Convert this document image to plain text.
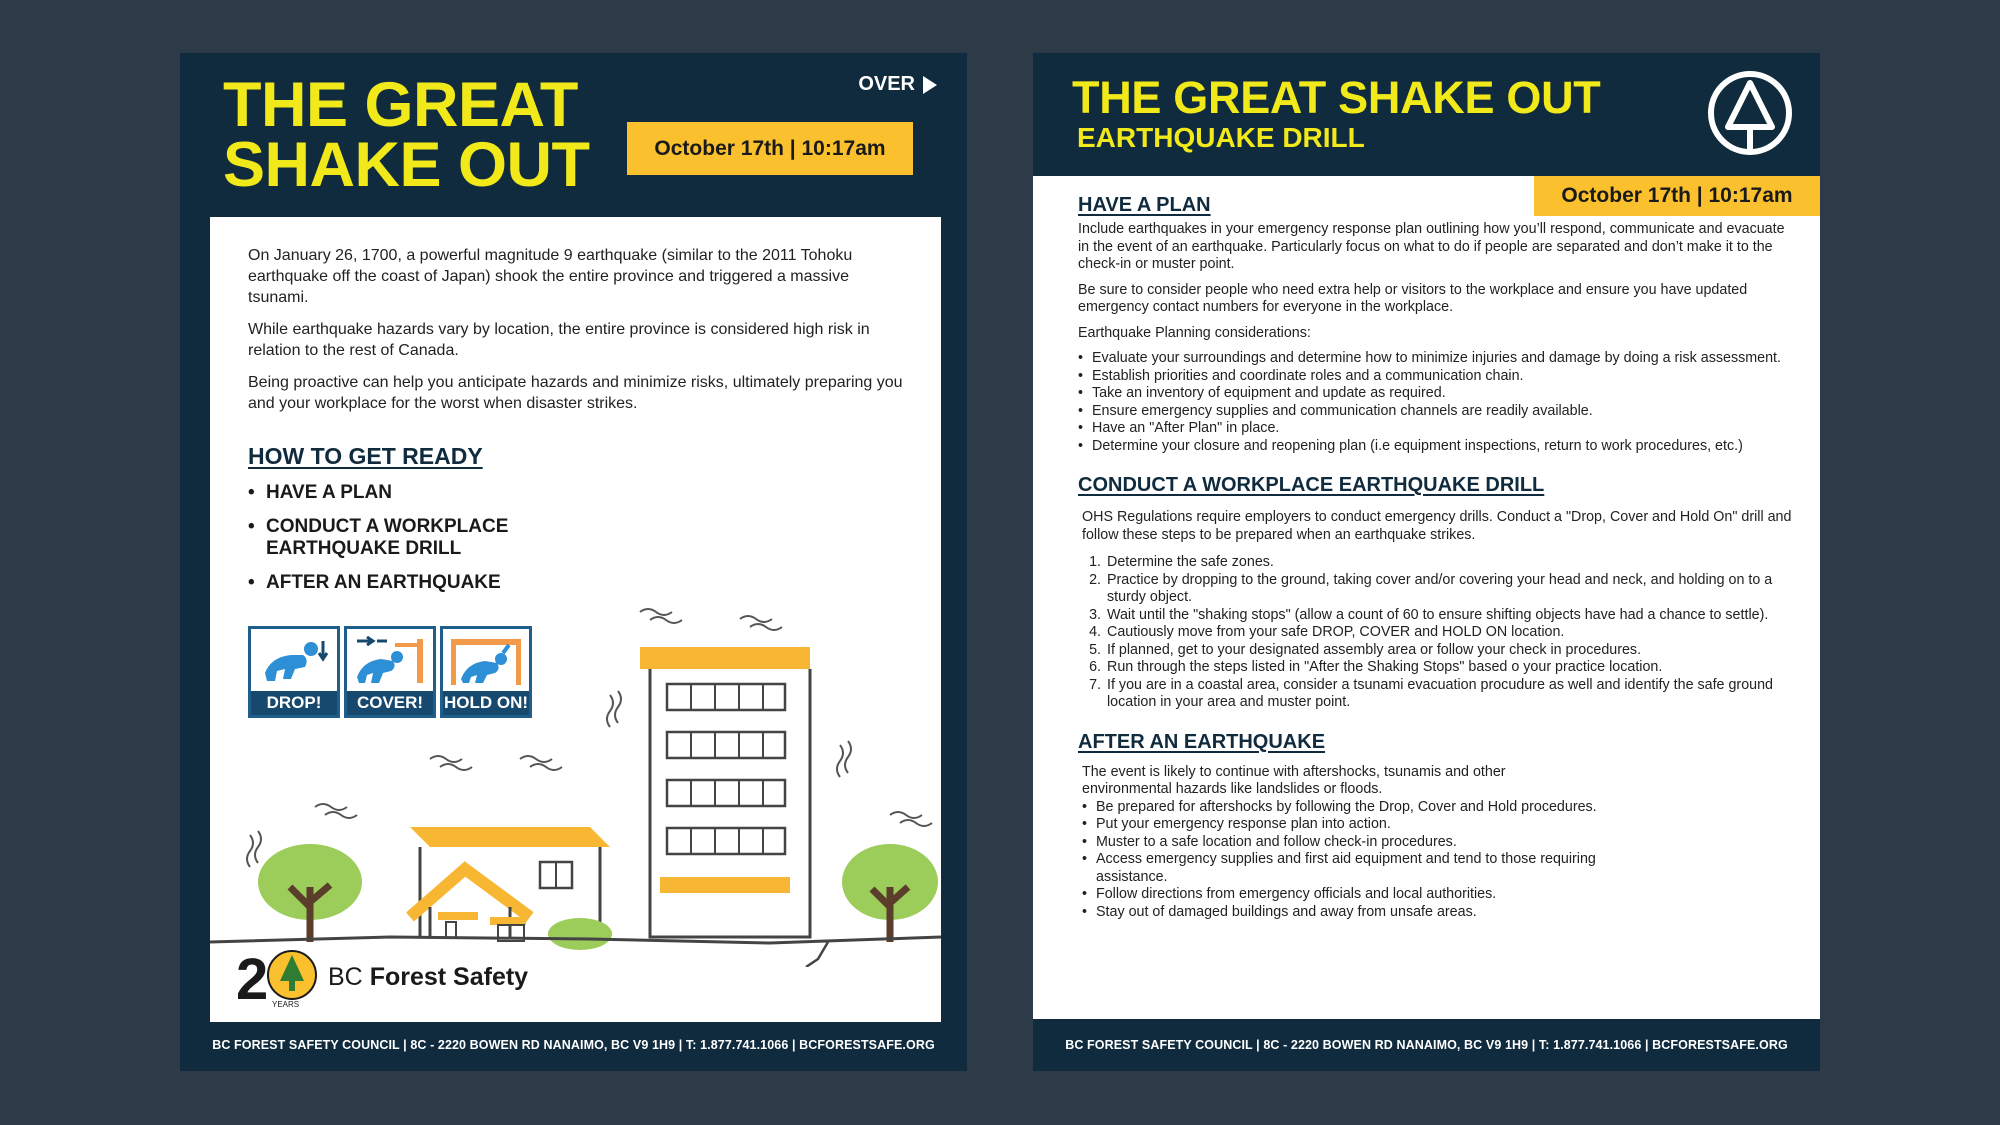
THE GREAT
SHAKE OUT
OVER
October 17th | 10:17am

On January 26, 1700, a powerful magnitude 9 earthquake (similar to the 2011 Tohoku earthquake off the coast of Japan) shook the entire province and triggered a massive tsunami.

While earthquake hazards vary by location, the entire province is considered high risk in relation to the rest of Canada.

Being proactive can help you anticipate hazards and minimize risks, ultimately preparing you and your workplace for the worst when disaster strikes.

HOW TO GET READY
• HAVE A PLAN
• CONDUCT A WORKPLACE EARTHQUAKE DRILL
• AFTER AN EARTHQUAKE
DROP!	COVER!	HOLD ON!
2 YEARS
BC Forest Safety
BC FOREST SAFETY COUNCIL | 8C - 2220 BOWEN RD NANAIMO, BC V9 1H9 | T: 1.877.741.1066 | BCFORESTSAFE.ORG
THE GREAT SHAKE OUT
EARTHQUAKE DRILL
October 17th | 10:17am
HAVE A PLAN

Include earthquakes in your emergency response plan outlining how you’ll respond, communicate and evacuate in the event of an earthquake. Particularly focus on what to do if people are separated and don’t make it to the check-in or muster point.

Be sure to consider people who need extra help or visitors to the workplace and ensure you have updated emergency contact numbers for everyone in the workplace.

Earthquake Planning considerations:

• Evaluate your surroundings and determine how to minimize injuries and damage by doing a risk assessment.
• Establish priorities and coordinate roles and a communication chain.
• Take an inventory of equipment and update as required.
• Ensure emergency supplies and communication channels are readily available.
• Have an "After Plan" in place.
• Determine your closure and reopening plan (i.e equipment inspections, return to work procedures, etc.)
CONDUCT A WORKPLACE EARTHQUAKE DRILL

OHS Regulations require employers to conduct emergency drills. Conduct a "Drop, Cover and Hold On" drill and follow these steps to be prepared when an earthquake strikes.

1. Determine the safe zones.
2. Practice by dropping to the ground, taking cover and/or covering your head and neck, and holding on to a sturdy object.
3. Wait until the "shaking stops" (allow a count of 60 to ensure shifting objects have had a chance to settle).
4. Cautiously move from your safe DROP, COVER and HOLD ON location.
5. If planned, get to your designated assembly area or follow your check in procedures.
6. Run through the steps listed in "After the Shaking Stops" based o your practice location.
7. If you are in a coastal area, consider a tsunami evacuation procudure as well and identify the safe ground location in your area and muster point.
AFTER AN EARTHQUAKE

The event is likely to continue with aftershocks, tsunamis and other environmental hazards like landslides or floods.

• Be prepared for aftershocks by following the Drop, Cover and Hold procedures.
• Put your emergency response plan into action.
• Muster to a safe location and follow check-in procedures.
• Access emergency supplies and first aid equipment and tend to those requiring assistance.
• Follow directions from emergency officials and local authorities.
• Stay out of damaged buildings and away from unsafe areas.
BC FOREST SAFETY COUNCIL | 8C - 2220 BOWEN RD NANAIMO, BC V9 1H9 | T: 1.877.741.1066 | BCFORESTSAFE.ORG
